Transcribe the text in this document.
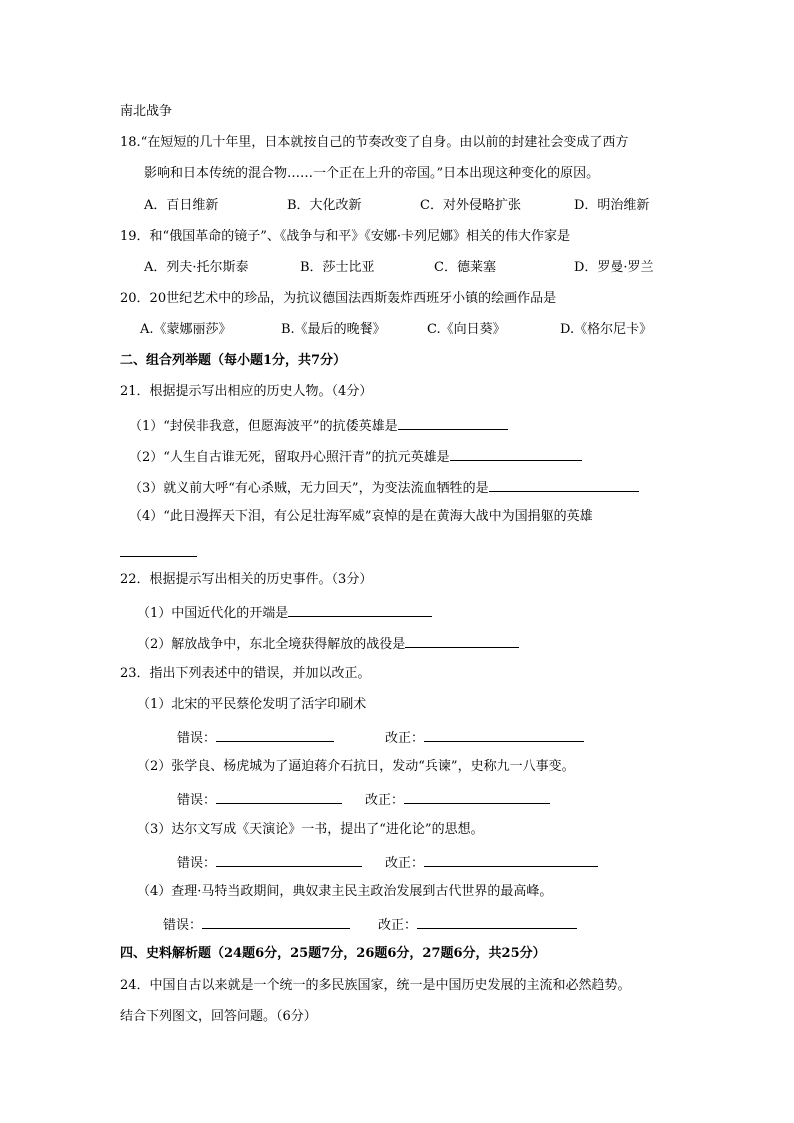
南北战争
18.“在短短的几十年里，日本就按自己的节奏改变了自身。由以前的封建社会变成了西方
影响和日本传统的混合物……一个正在上升的帝国。”日本出现这种变化的原因。
A．百日维新	B．大化改新	C．对外侵略扩张	D．明治维新
19．和“俄国革命的镜子”、《战争与和平》《安娜·卡列尼娜》相关的伟大作家是
A．列夫·托尔斯泰	B．莎士比亚	C．德莱塞	D．罗曼·罗兰
20．20世纪艺术中的珍品，为抗议德国法西斯轰炸西班牙小镇的绘画作品是
A.《蒙娜丽莎》	B.《最后的晚餐》	C.《向日葵》	D.《格尔尼卡》
二、组合列举题（每小题1分，共7分）
21．根据提示写出相应的历史人物。（4分）
（1）“封侯非我意，但愿海波平”的抗倭英雄是
（2）“人生自古谁无死，留取丹心照汗青”的抗元英雄是
（3）就义前大呼“有心杀贼，无力回天”，为变法流血牺牲的是
（4）“此日漫挥天下泪，有公足壮海军威”哀悼的是在黄海大战中为国捐躯的英雄
22．根据提示写出相关的历史事件。（3分）
（1）中国近代化的开端是
（2）解放战争中，东北全境获得解放的战役是
23．指出下列表述中的错误，并加以改正。
（1）北宋的平民蔡伦发明了活字印刷术
错误：	改正：
（2）张学良、杨虎城为了逼迫蒋介石抗日，发动“兵谏”，史称九一八事变。
错误：	改正：
（3）达尔文写成《天演论》一书，提出了“进化论”的思想。
错误：	改正：
（4）查理·马特当政期间，典奴隶主民主政治发展到古代世界的最高峰。
错误：	改正：
四、史料解析题（24题6分，25题7分，26题6分，27题6分，共25分）
24．中国自古以来就是一个统一的多民族国家，统一是中国历史发展的主流和必然趋势。
结合下列图文，回答问题。（6分）
